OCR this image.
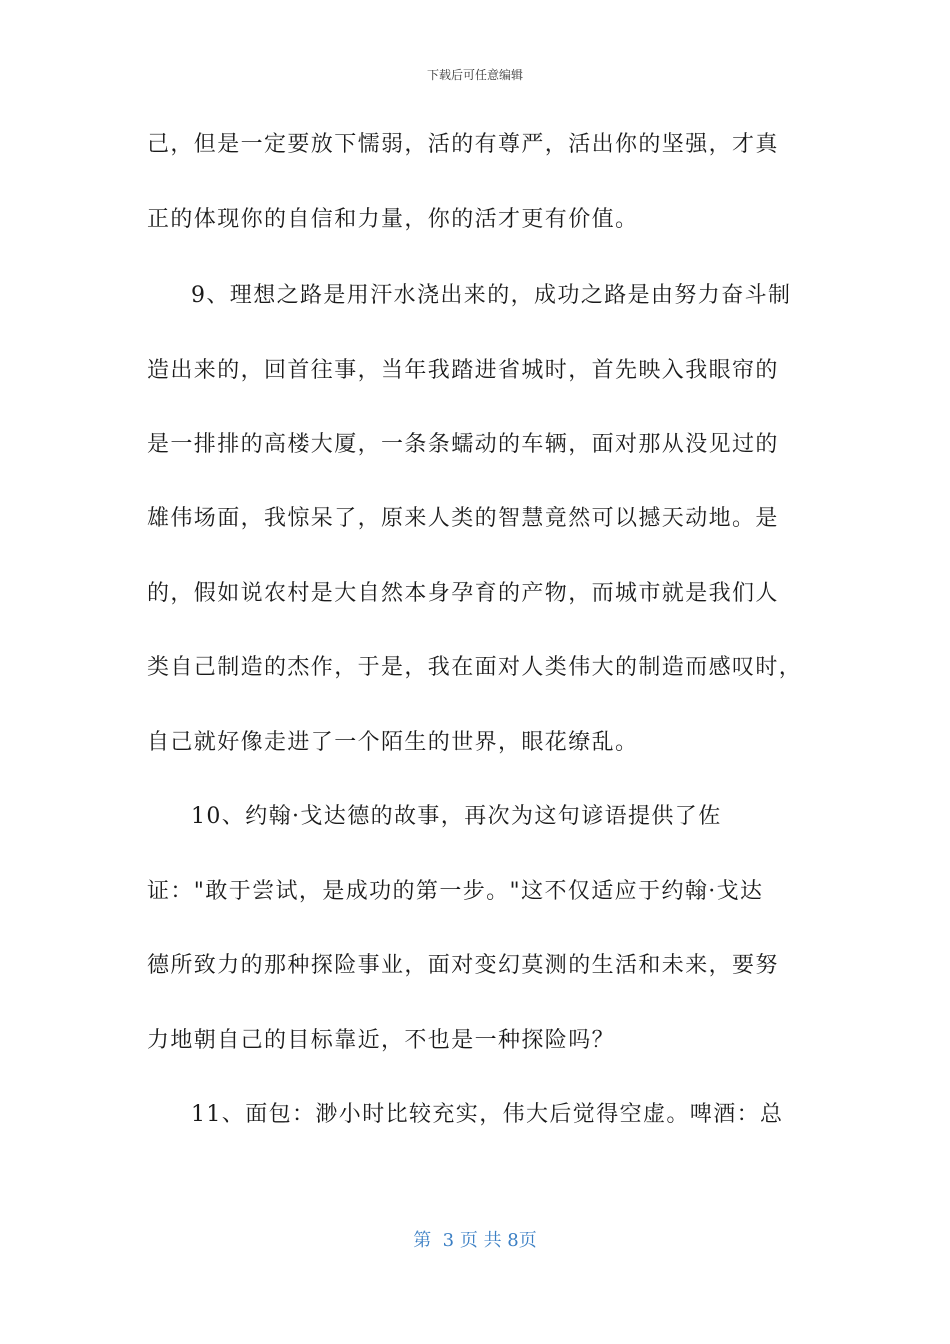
下载后可任意编辑
己，但是一定要放下懦弱，活的有尊严，活出你的坚强，才真
正的体现你的自信和力量，你的活才更有价值。
9、理想之路是用汗水浇出来的，成功之路是由努力奋斗制
造出来的，回首往事，当年我踏进省城时，首先映入我眼帘的
是一排排的高楼大厦，一条条蠕动的车辆，面对那从没见过的
雄伟场面，我惊呆了，原来人类的智慧竟然可以撼天动地。是
的，假如说农村是大自然本身孕育的产物，而城市就是我们人
类自己制造的杰作，于是，我在面对人类伟大的制造而感叹时，
自己就好像走进了一个陌生的世界，眼花缭乱。
10、约翰·戈达德的故事，再次为这句谚语提供了佐
证："敢于尝试，是成功的第一步。"这不仅适应于约翰·戈达
德所致力的那种探险事业，面对变幻莫测的生活和未来，要努
力地朝自己的目标靠近，不也是一种探险吗？
11、面包：渺小时比较充实，伟大后觉得空虚。啤酒：总
第  3 页 共 8页
